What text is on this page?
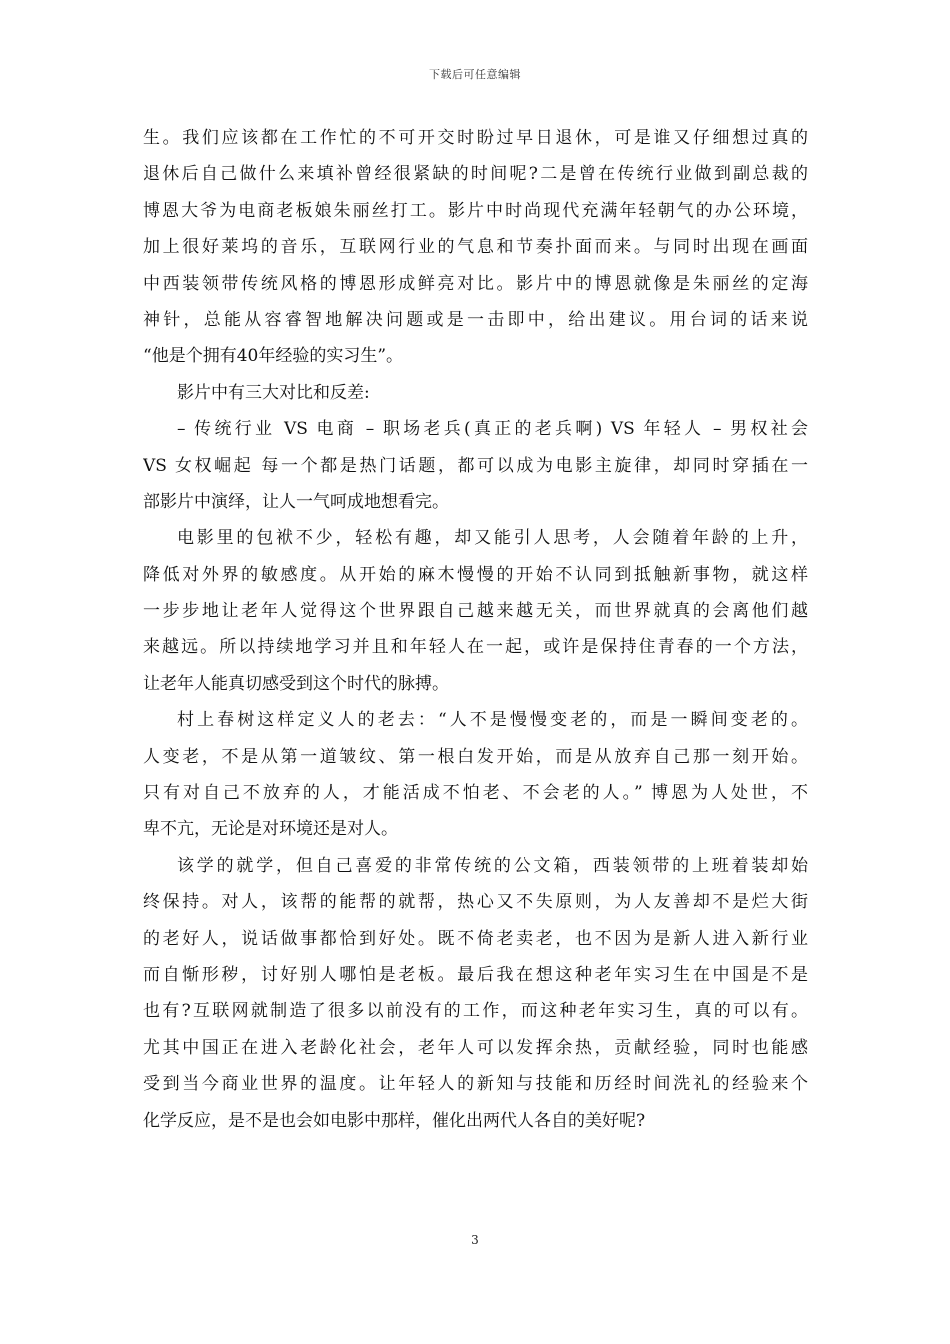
下载后可任意编辑
生。我们应该都在工作忙的不可开交时盼过早日退休，可是谁又仔细想过真的
退休后自己做什么来填补曾经很紧缺的时间呢?二是曾在传统行业做到副总裁的
博恩大爷为电商老板娘朱丽丝打工。影片中时尚现代充满年轻朝气的办公环境，
加上很好莱坞的音乐，互联网行业的气息和节奏扑面而来。与同时出现在画面
中西装领带传统风格的博恩形成鲜亮对比。影片中的博恩就像是朱丽丝的定海
神针，总能从容睿智地解决问题或是一击即中，给出建议。用台词的话来说
“他是个拥有40年经验的实习生”。
影片中有三大对比和反差:
– 传统行业 VS 电商 – 职场老兵(真正的老兵啊) VS 年轻人 – 男权社会
VS 女权崛起 每一个都是热门话题，都可以成为电影主旋律，却同时穿插在一
部影片中演绎，让人一气呵成地想看完。
电影里的包袱不少，轻松有趣，却又能引人思考，人会随着年龄的上升，
降低对外界的敏感度。从开始的麻木慢慢的开始不认同到抵触新事物，就这样
一步步地让老年人觉得这个世界跟自己越来越无关，而世界就真的会离他们越
来越远。所以持续地学习并且和年轻人在一起，或许是保持住青春的一个方法，
让老年人能真切感受到这个时代的脉搏。
村上春树这样定义人的老去：“人不是慢慢变老的，而是一瞬间变老的。
人变老，不是从第一道皱纹、第一根白发开始，而是从放弃自己那一刻开始。
只有对自己不放弃的人，才能活成不怕老、不会老的人。” 博恩为人处世，不
卑不亢，无论是对环境还是对人。
该学的就学，但自己喜爱的非常传统的公文箱，西装领带的上班着装却始
终保持。对人，该帮的能帮的就帮，热心又不失原则，为人友善却不是烂大街
的老好人，说话做事都恰到好处。既不倚老卖老，也不因为是新人进入新行业
而自惭形秽，讨好别人哪怕是老板。最后我在想这种老年实习生在中国是不是
也有?互联网就制造了很多以前没有的工作，而这种老年实习生，真的可以有。
尤其中国正在进入老龄化社会，老年人可以发挥余热，贡献经验，同时也能感
受到当今商业世界的温度。让年轻人的新知与技能和历经时间洗礼的经验来个
化学反应，是不是也会如电影中那样，催化出两代人各自的美好呢?
3
